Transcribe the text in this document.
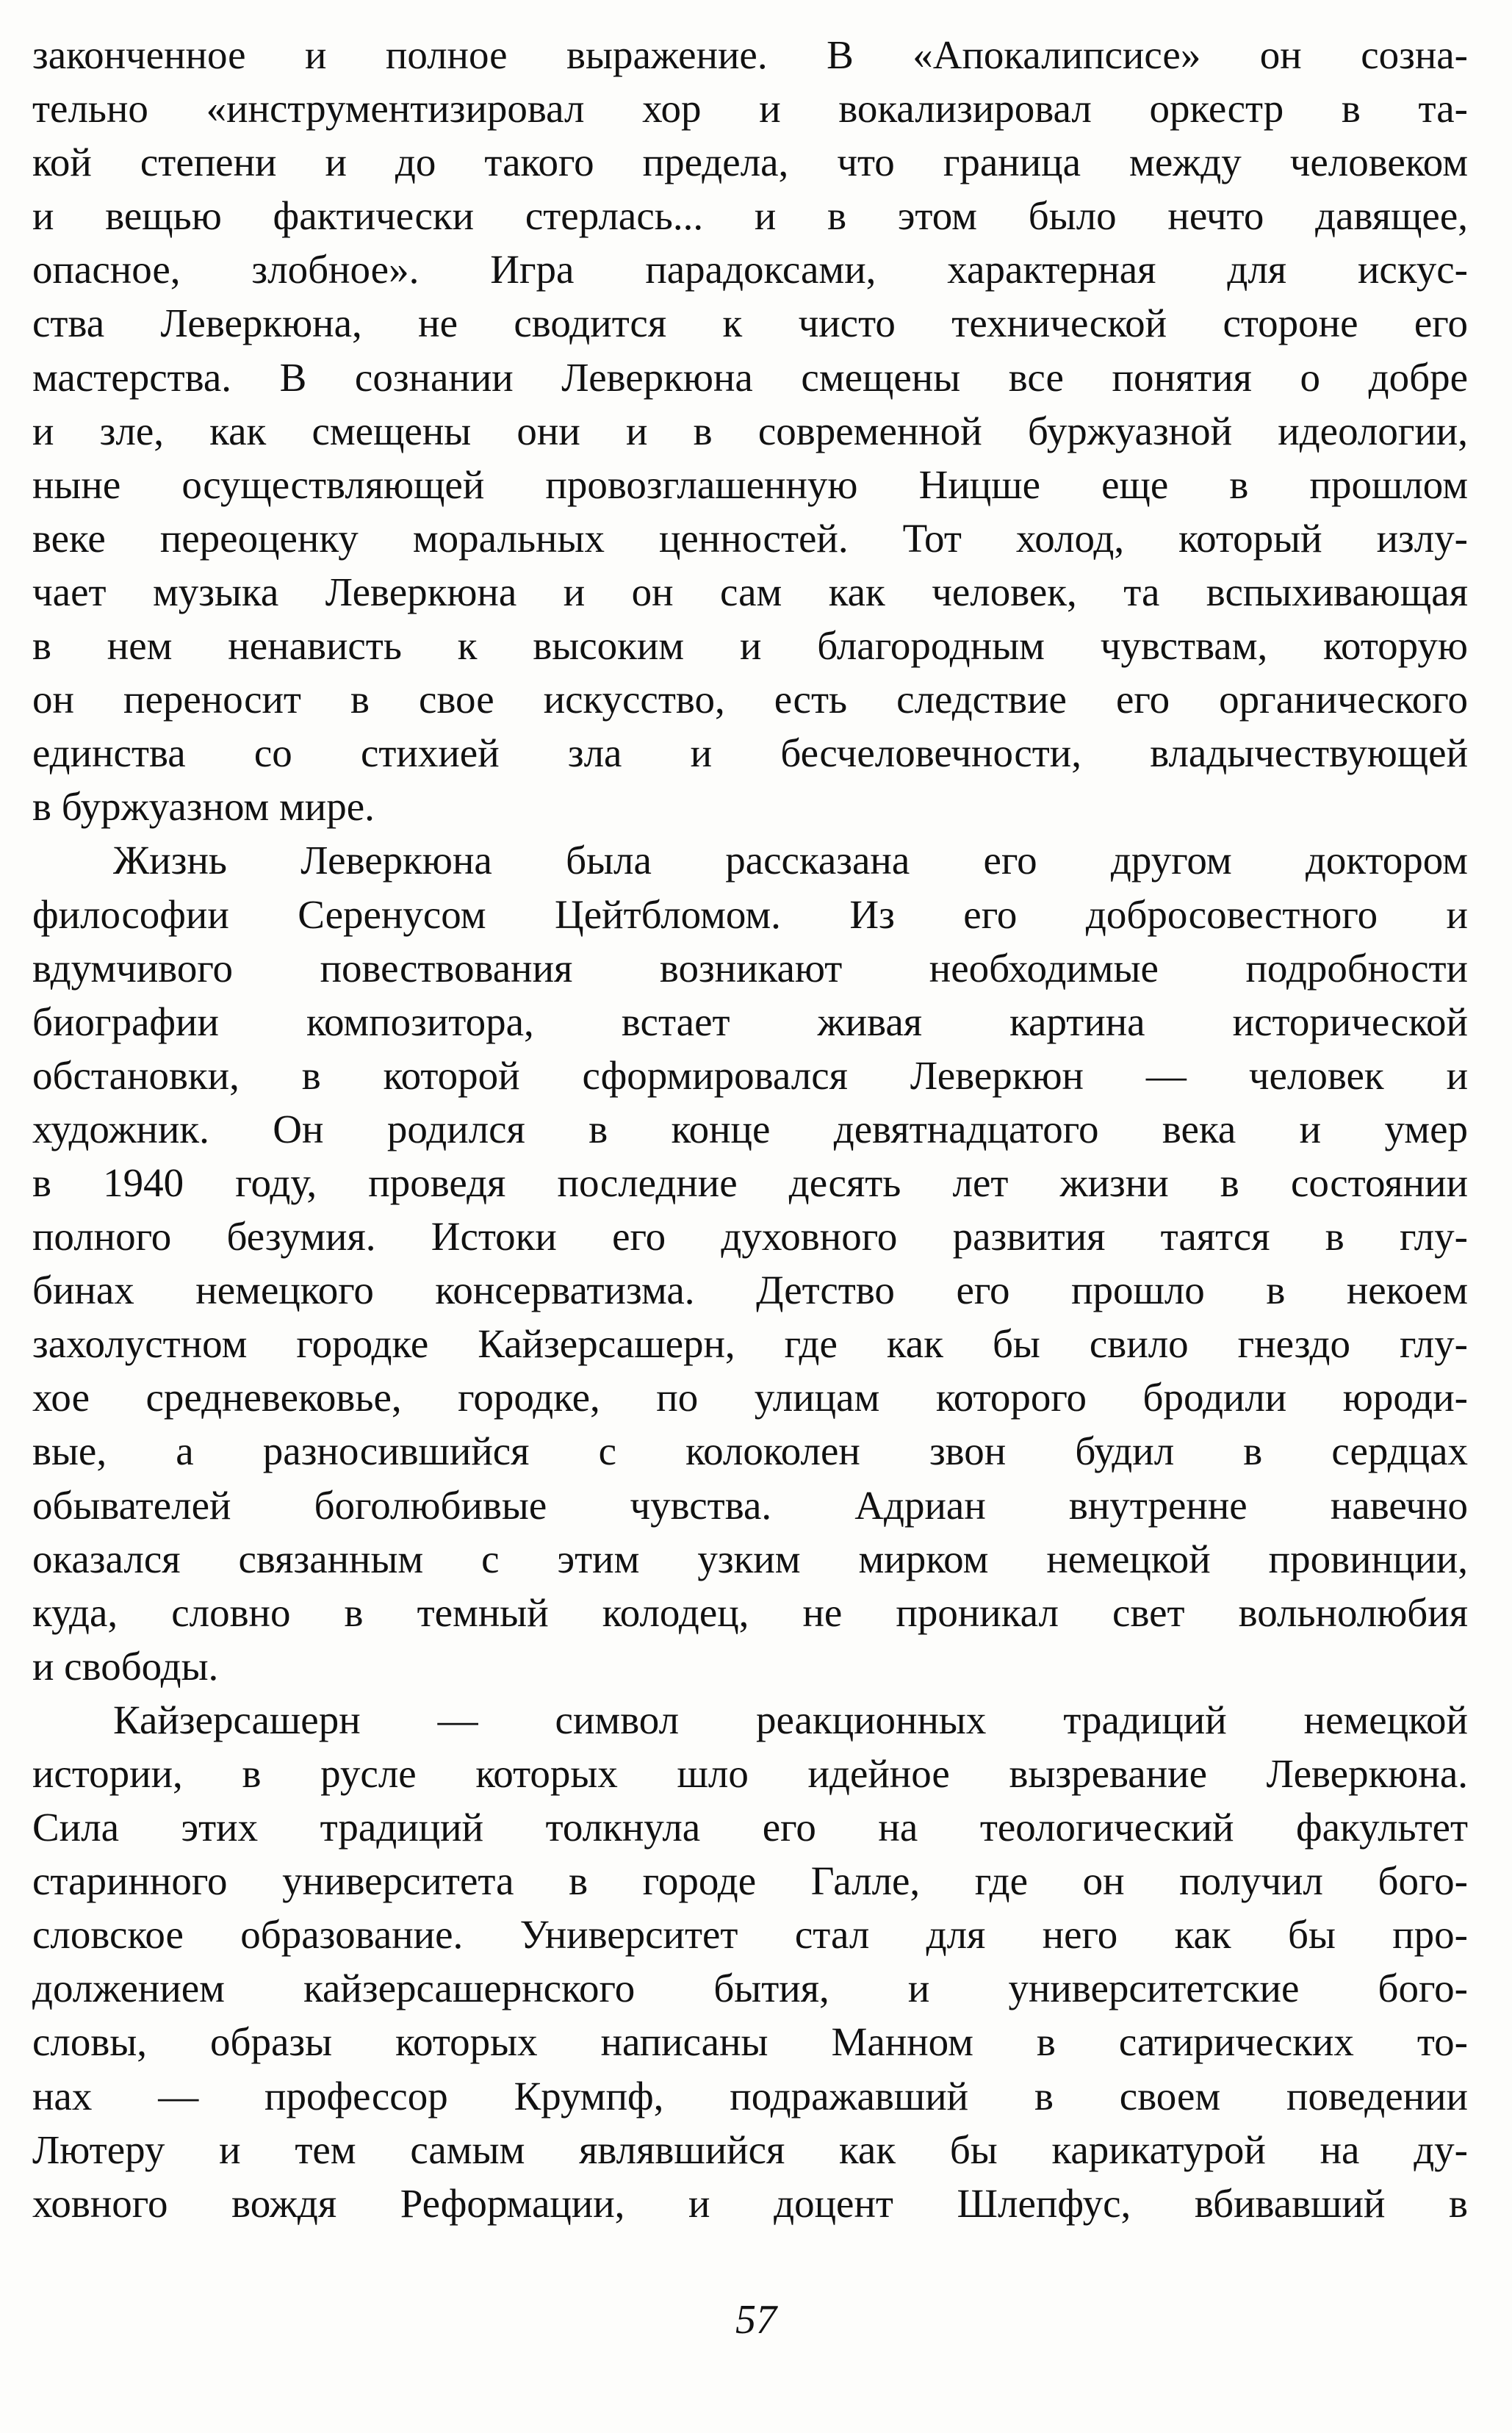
законченное и полное выражение. В «Апокалипсисе» он созна-
тельно «инструментизировал хор и вокализировал оркестр в та-
кой степени и до такого предела, что граница между человеком
и вещью фактически стерлась... и в этом было нечто давящее,
опасное, злобное». Игра парадоксами, характерная для искус-
ства Леверкюна, не сводится к чисто технической стороне его
мастерства. В сознании Леверкюна смещены все понятия о добре
и зле, как смещены они и в современной буржуазной идеологии,
ныне осуществляющей провозглашенную Ницше еще в прошлом
веке переоценку моральных ценностей. Тот холод, который излу-
чает музыка Леверкюна и он сам как человек, та вспыхивающая
в нем ненависть к высоким и благородным чувствам, которую
он переносит в свое искусство, есть следствие его органического
единства со стихией зла и бесчеловечности, владычествующей
в буржуазном мире.
Жизнь Леверкюна была рассказана его другом доктором
философии Серенусом Цейтбломом. Из его добросовестного и
вдумчивого повествования возникают необходимые подробности
биографии композитора, встает живая картина исторической
обстановки, в которой сформировался Леверкюн — человек и
художник. Он родился в конце девятнадцатого века и умер
в 1940 году, проведя последние десять лет жизни в состоянии
полного безумия. Истоки его духовного развития таятся в глу-
бинах немецкого консерватизма. Детство его прошло в некоем
захолустном городке Кайзерсашерн, где как бы свило гнездо глу-
хое средневековье, городке, по улицам которого бродили юроди-
вые, а разносившийся с колоколен звон будил в сердцах
обывателей боголюбивые чувства. Адриан внутренне навечно
оказался связанным с этим узким мирком немецкой провинции,
куда, словно в темный колодец, не проникал свет вольнолюбия
и свободы.
Кайзерсашерн — символ реакционных традиций немецкой
истории, в русле которых шло идейное вызревание Леверкюна.
Сила этих традиций толкнула его на теологический факультет
старинного университета в городе Галле, где он получил бого-
словское образование. Университет стал для него как бы про-
должением кайзерсашернского бытия, и университетские бого-
словы, образы которых написаны Манном в сатирических то-
нах — профессор Крумпф, подражавший в своем поведении
Лютеру и тем самым являвшийся как бы карикатурой на ду-
ховного вождя Реформации, и доцент Шлепфус, вбивавший в
57
